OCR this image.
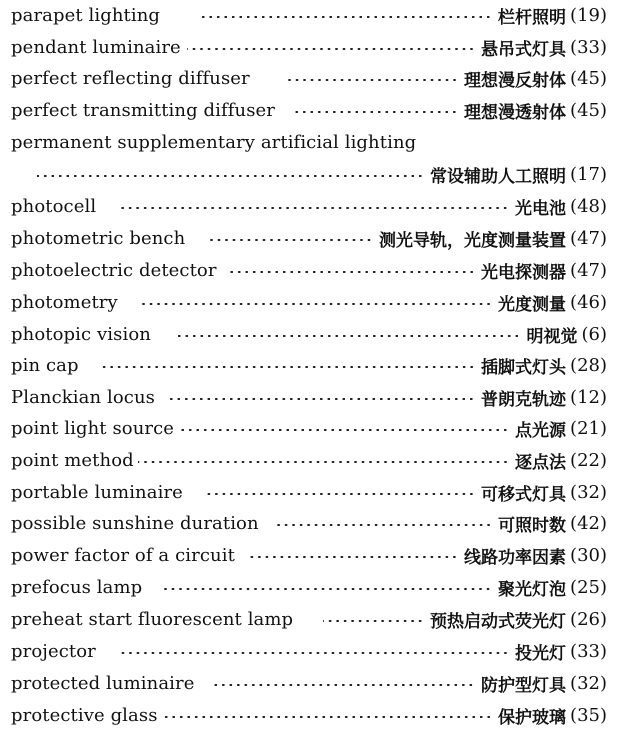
parapet lighting	栏杆照明 (19)
pendant luminaire	悬吊式灯具 (33)
perfect reflecting diffuser	理想漫反射体 (45)
perfect transmitting diffuser	理想漫透射体 (45)
permanent supplementary artificial lighting
常设辅助人工照明 (17)
photocell	光电池 (48)
photometric bench	测光导轨，光度测量装置 (47)
photoelectric detector	光电探测器 (47)
photometry	光度测量 (46)
photopic vision	明视觉 (6)
pin cap	插脚式灯头 (28)
Planckian locus	普朗克轨迹 (12)
point light source	点光源 (21)
point method	逐点法 (22)
portable luminaire	可移式灯具 (32)
possible sunshine duration	可照时数 (42)
power factor of a circuit	线路功率因素 (30)
prefocus lamp	聚光灯泡 (25)
preheat start fluorescent lamp	预热启动式荧光灯 (26)
projector	投光灯 (33)
protected luminaire	防护型灯具 (32)
protective glass	保护玻璃 (35)
